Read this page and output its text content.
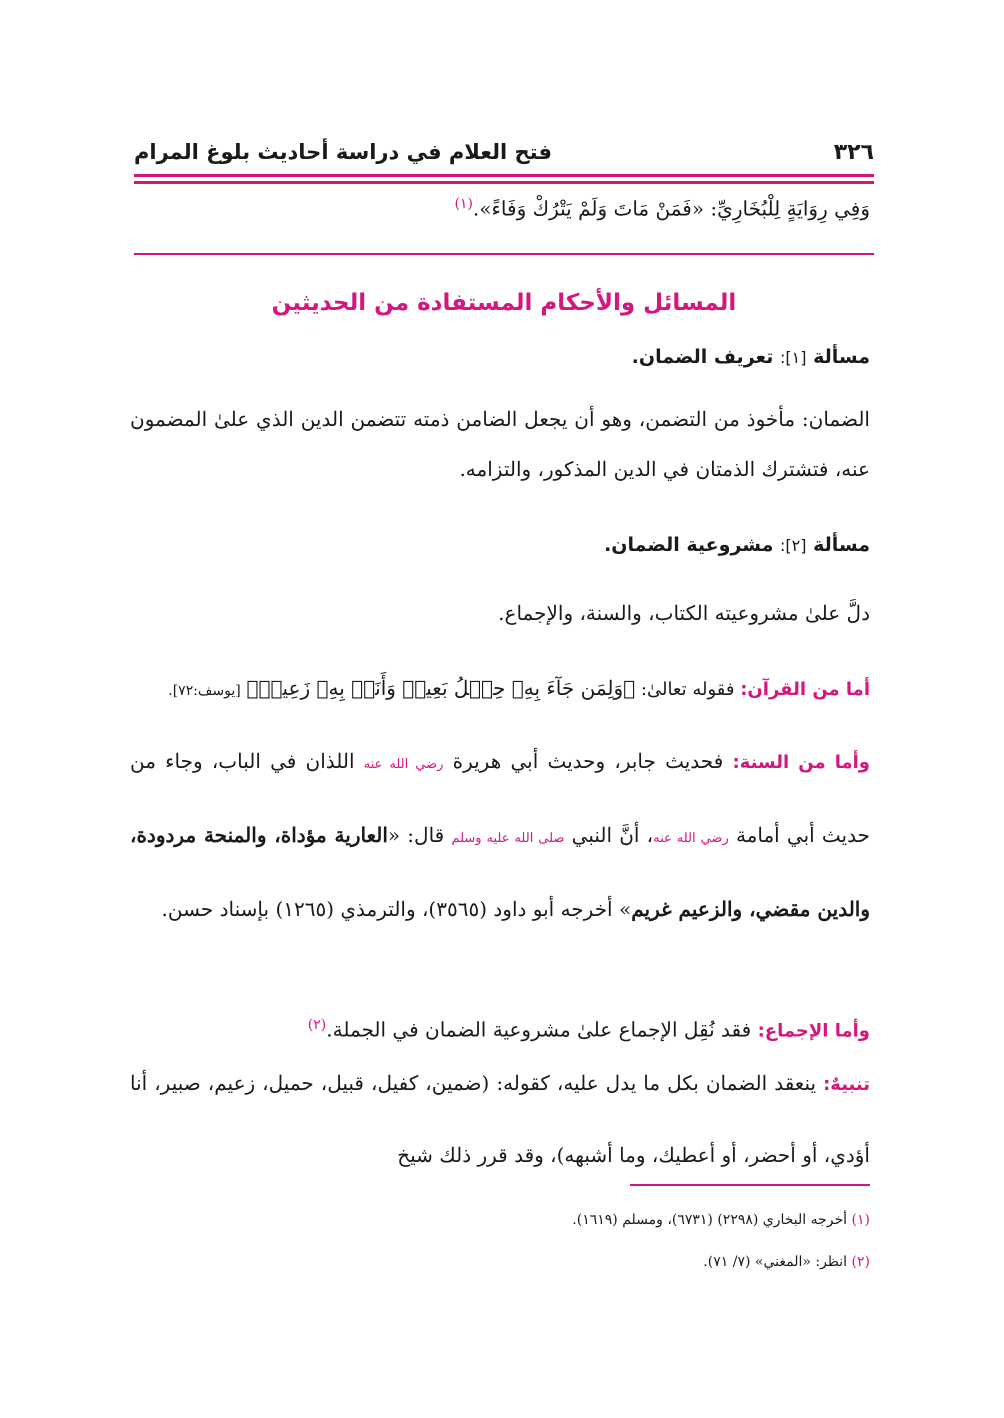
٣٢٦
فتح العلام في دراسة أحاديث بلوغ المرام
وَفِي رِوَايَةٍ لِلْبُخَارِيِّ: «فَمَنْ مَاتَ وَلَمْ يَتْرُكْ وَفَاءً».$^{(١)}$
المسائل والأحكام المستفادة من الحديثين
مسألة [١]: تعريف الضمان.
الضمان: مأخوذ من التضمن، وهو أن يجعل الضامن ذمته تتضمن الدين الذي علىٰ المضمون عنه، فتشترك الذمتان في الدين المذكور، والتزامه.
مسألة [٢]: مشروعية الضمان.
دلَّ علىٰ مشروعيته الكتاب، والسنة، والإجماع.
أما من القرآن: فقوله تعالىٰ: ﴿وَلِمَن جَآءَ بِهِۦ حِمۡلُ بَعِيرٖ وَأَنَا۠ بِهِۦ زَعِيمٞ﴾ [يوسف:٧٢].
وأما من السنة: فحديث جابر، وحديث أبي هريرة رضي الله عنه اللذان في الباب، وجاء من حديث أبي أمامة رضي الله عنه، أنَّ النبي صلى الله عليه وسلم قال: «العارية مؤداة، والمنحة مردودة، والدين مقضي، والزعيم غريم» أخرجه أبو داود (٣٥٦٥)، والترمذي (١٢٦٥) بإسناد حسن.
وأما الإجماع: فقد نُقِل الإجماع علىٰ مشروعية الضمان في الجملة.$^{(٢)}$
تنبيهٌ: ينعقد الضمان بكل ما يدل عليه، كقوله: (ضمين، كفيل، قبيل، حميل، زعيم، صبير، أنا أؤدي، أو أحضر، أو أعطيك، وما أشبهه)، وقد قرر ذلك شيخ
(١) أخرجه البخاري (٢٢٩٨) (٦٧٣١)، ومسلم (١٦١٩).
(٢) انظر: «المغني» (٧/ ٧١).
